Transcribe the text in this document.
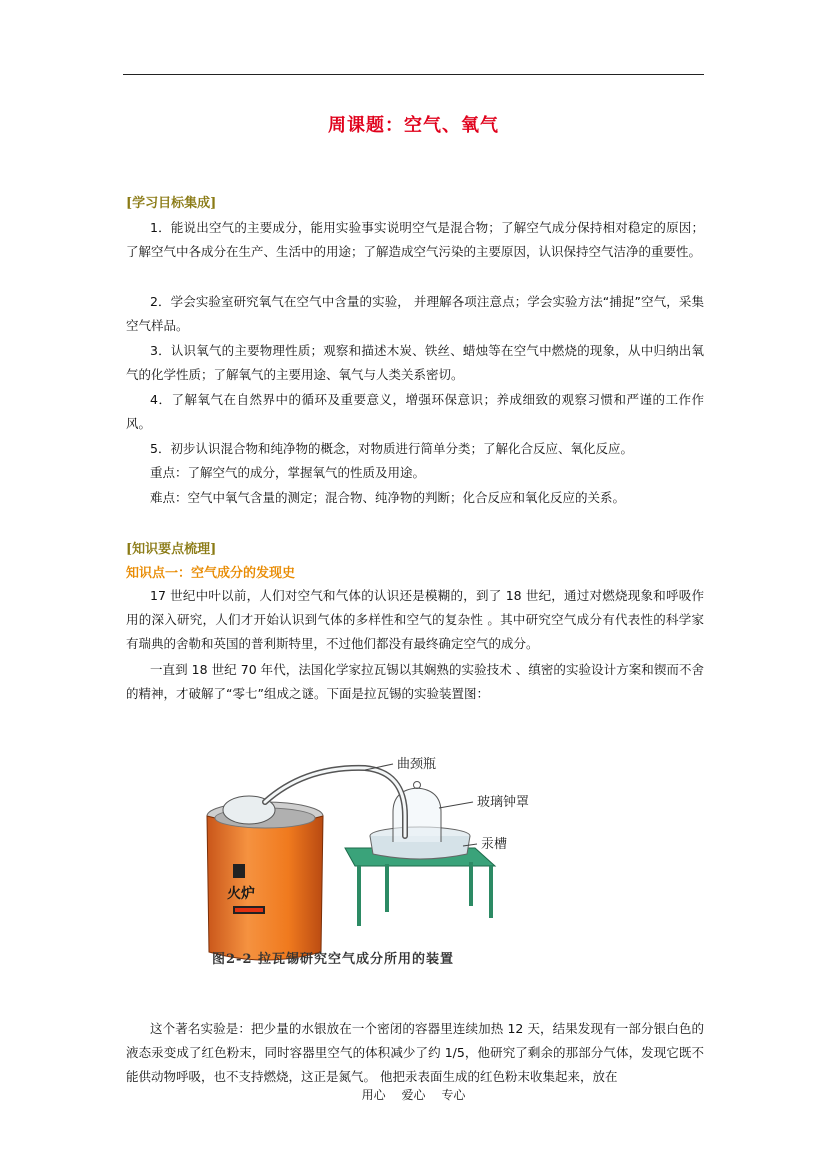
周课题：空气、氧气
[学习目标集成]

1．能说出空气的主要成分，能用实验事实说明空气是混合物；了解空气成分保持相对稳定的原因；了解空气中各成分在生产、生活中的用途；了解造成空气污染的主要原因，认识保持空气洁净的重要性。

2．学会实验室研究氧气在空气中含量的实验， 并理解各项注意点；学会实验方法“捕捉”空气，采集空气样品。

3．认识氧气的主要物理性质；观察和描述木炭、铁丝、蜡烛等在空气中燃烧的现象，从中归纳出氧气的化学性质；了解氧气的主要用途、氧气与人类关系密切。

4．了解氧气在自然界中的循环及重要意义，增强环保意识；养成细致的观察习惯和严谨的工作作风。

5．初步认识混合物和纯净物的概念，对物质进行简单分类；了解化合反应、氧化反应。

重点：了解空气的成分，掌握氧气的性质及用途。

难点：空气中氧气含量的测定；混合物、纯净物的判断；化合反应和氧化反应的关系。

[知识要点梳理]
知识点一：空气成分的发现史

17 世纪中叶以前，人们对空气和气体的认识还是模糊的，到了 18 世纪，通过对燃烧现象和呼吸作用的深入研究，人们才开始认识到气体的多样性和空气的复杂性 。其中研究空气成分有代表性的科学家有瑞典的舍勒和英国的普利斯特里，不过他们都没有最终确定空气的成分。

一直到 18 世纪 70 年代，法国化学家拉瓦锡以其娴熟的实验技术 、缜密的实验设计方案和锲而不舍的精神，才破解了“零七”组成之谜。下面是拉瓦锡的实验装置图：

火炉
曲颈瓶
玻璃钟罩
汞槽
图2-2 拉瓦锡研究空气成分所用的装置

这个著名实验是：把少量的水银放在一个密闭的容器里连续加热 12 天，结果发现有一部分银白色的液态汞变成了红色粉末，同时容器里空气的体积减少了约 1/5，他研究了剩余的那部分气体，发现它既不能供动物呼吸，也不支持燃烧，这正是氮气。 他把汞表面生成的红色粉末收集起来，放在

用心 爱心 专心
